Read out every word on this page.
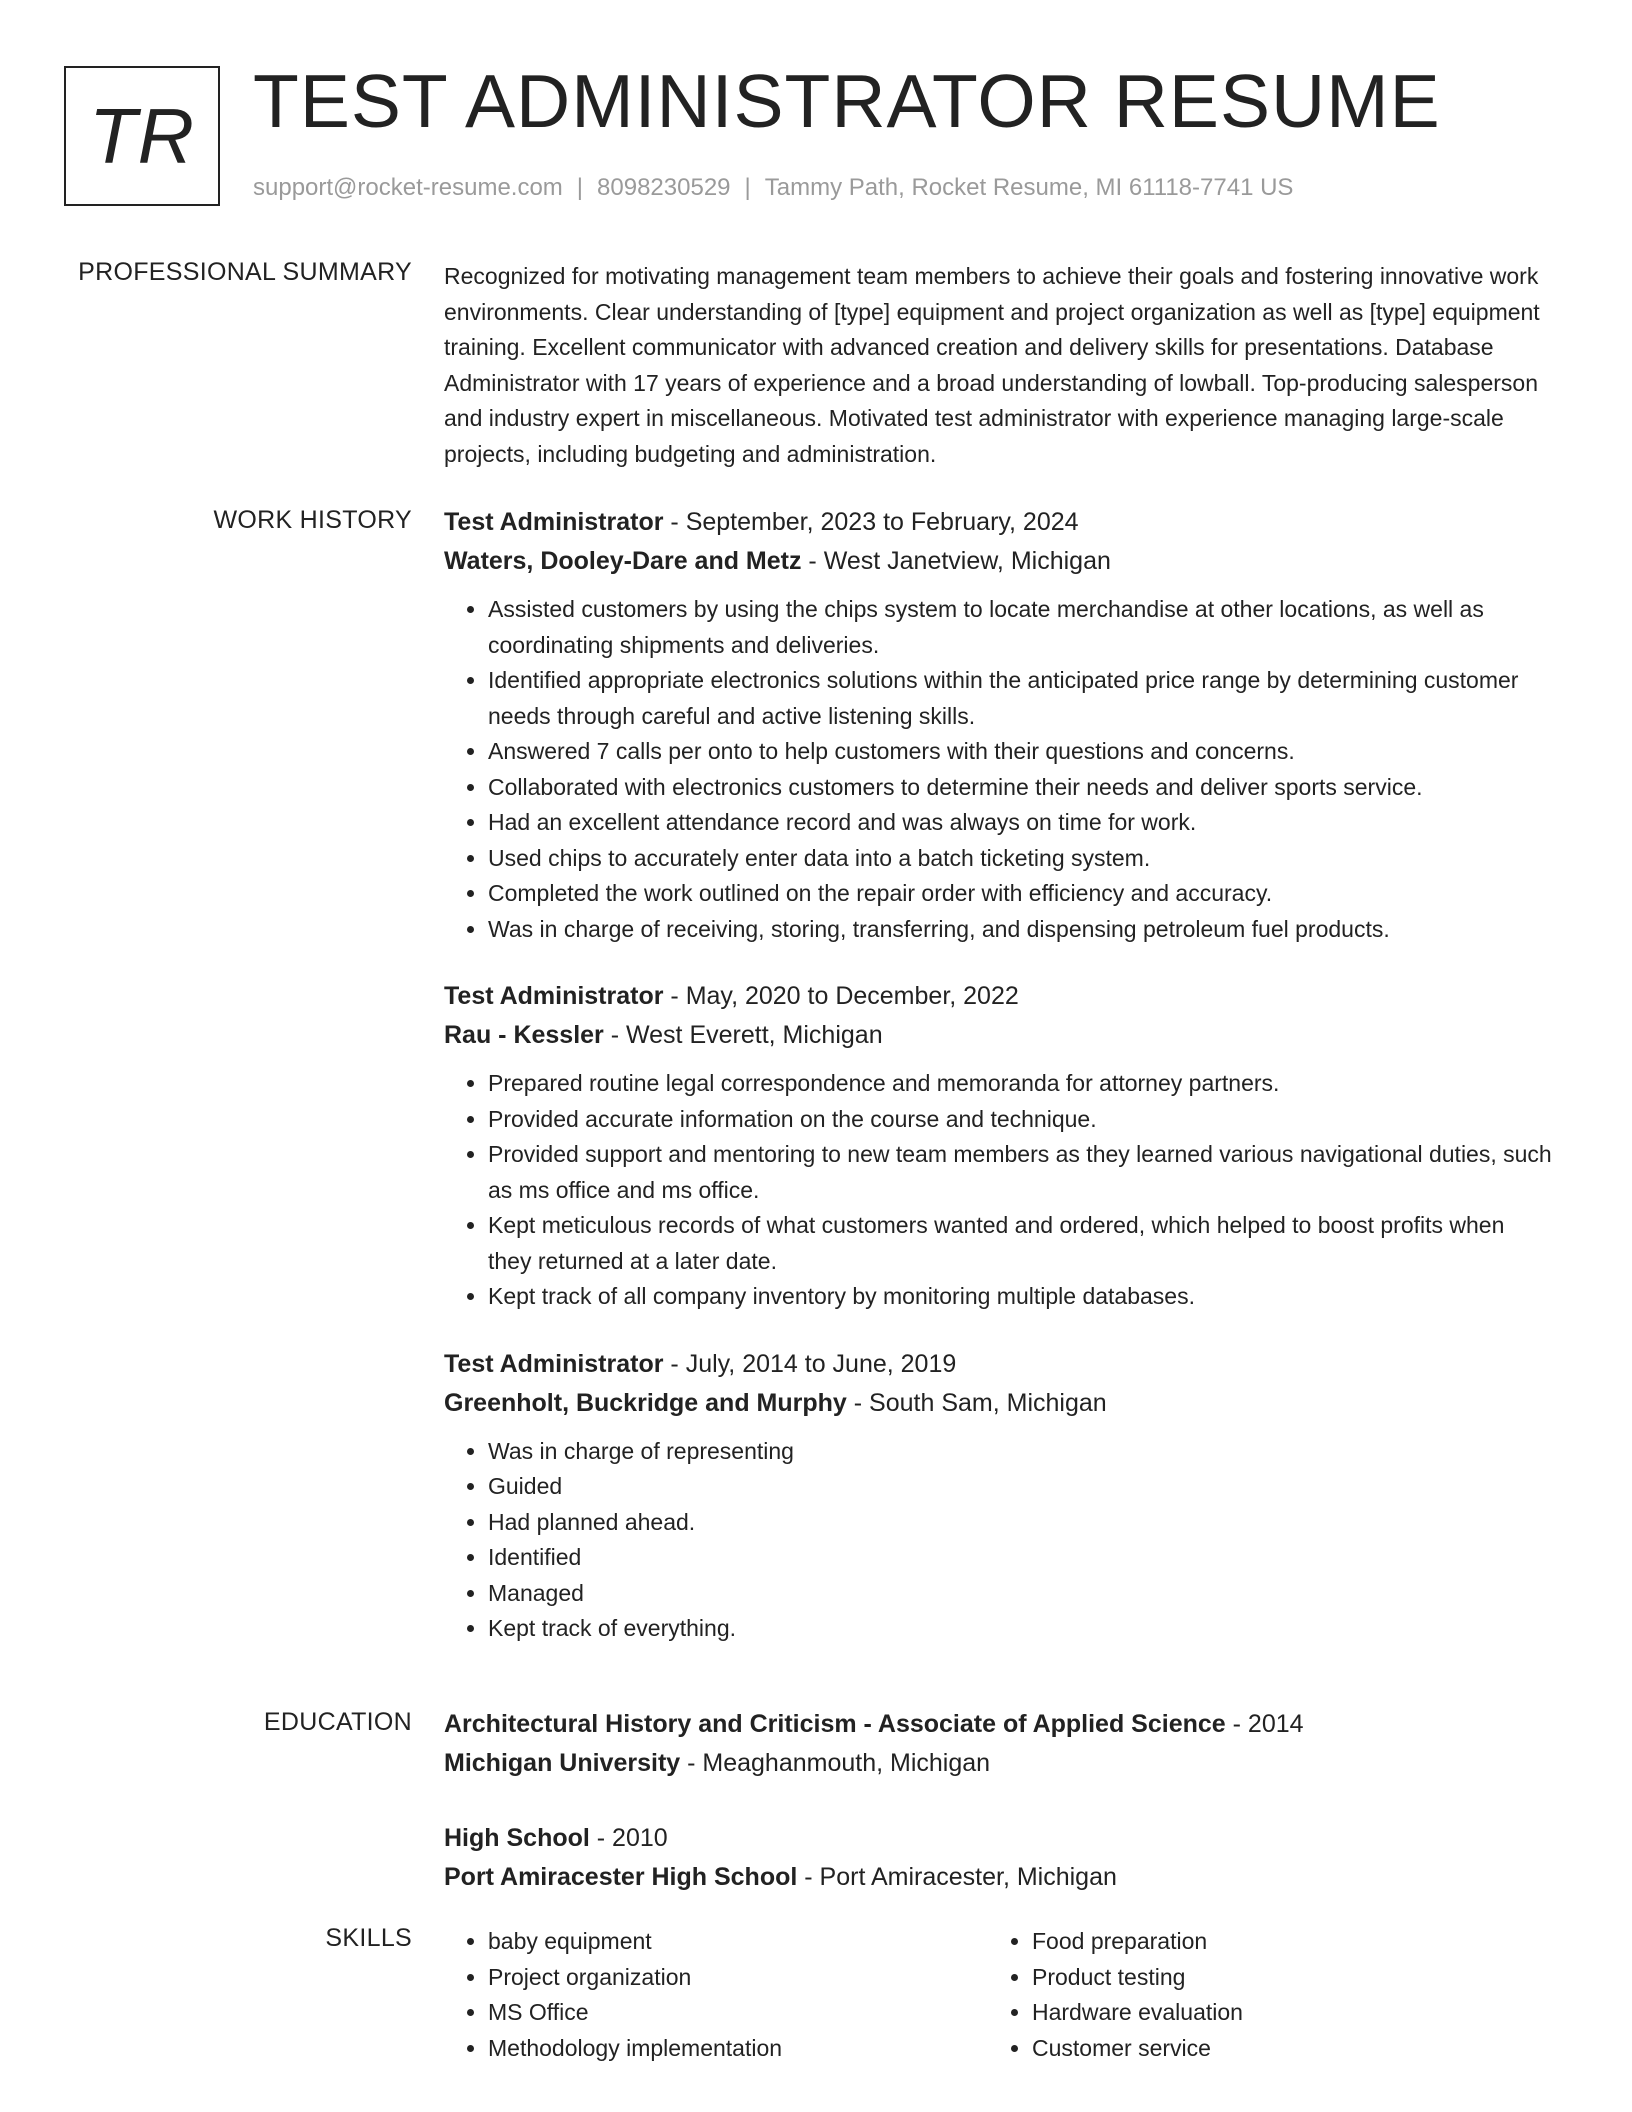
TR TEST ADMINISTRATOR RESUME
support@rocket-resume.com | 8098230529 | Tammy Path, Rocket Resume, MI 61118-7741 US
PROFESSIONAL SUMMARY Recognized for motivating management team members to achieve their goals and fostering innovative work environments. Clear understanding of [type] equipment and project organization as well as [type] equipment training. Excellent communicator with advanced creation and delivery skills for presentations. Database Administrator with 17 years of experience and a broad understanding of lowball. Top-producing salesperson and industry expert in miscellaneous. Motivated test administrator with experience managing large-scale projects, including budgeting and administration.

WORK HISTORY Test Administrator - September, 2023 to February, 2024
Waters, Dooley-Dare and Metz - West Janetview, Michigan
• Assisted customers by using the chips system to locate merchandise at other locations, as well as coordinating shipments and deliveries.
• Identified appropriate electronics solutions within the anticipated price range by determining customer needs through careful and active listening skills.
• Answered 7 calls per onto to help customers with their questions and concerns.
• Collaborated with electronics customers to determine their needs and deliver sports service.
• Had an excellent attendance record and was always on time for work.
• Used chips to accurately enter data into a batch ticketing system.
• Completed the work outlined on the repair order with efficiency and accuracy.
• Was in charge of receiving, storing, transferring, and dispensing petroleum fuel products.
Test Administrator - May, 2020 to December, 2022
Rau - Kessler - West Everett, Michigan
• Prepared routine legal correspondence and memoranda for attorney partners.
• Provided accurate information on the course and technique.
• Provided support and mentoring to new team members as they learned various navigational duties, such as ms office and ms office.
• Kept meticulous records of what customers wanted and ordered, which helped to boost profits when they returned at a later date.
• Kept track of all company inventory by monitoring multiple databases.
Test Administrator - July, 2014 to June, 2019
Greenholt, Buckridge and Murphy - South Sam, Michigan
• Was in charge of representing
• Guided
• Had planned ahead.
• Identified
• Managed
• Kept track of everything.
EDUCATION Architectural History and Criticism - Associate of Applied Science - 2014
Michigan University - Meaghanmouth, Michigan
High School - 2010
Port Amiracester High School - Port Amiracester, Michigan
SKILLS
•	baby equipment
• Project organization
• MS Office
• Methodology implementation
• Food preparation
• Product testing
• Hardware evaluation
• Customer service
